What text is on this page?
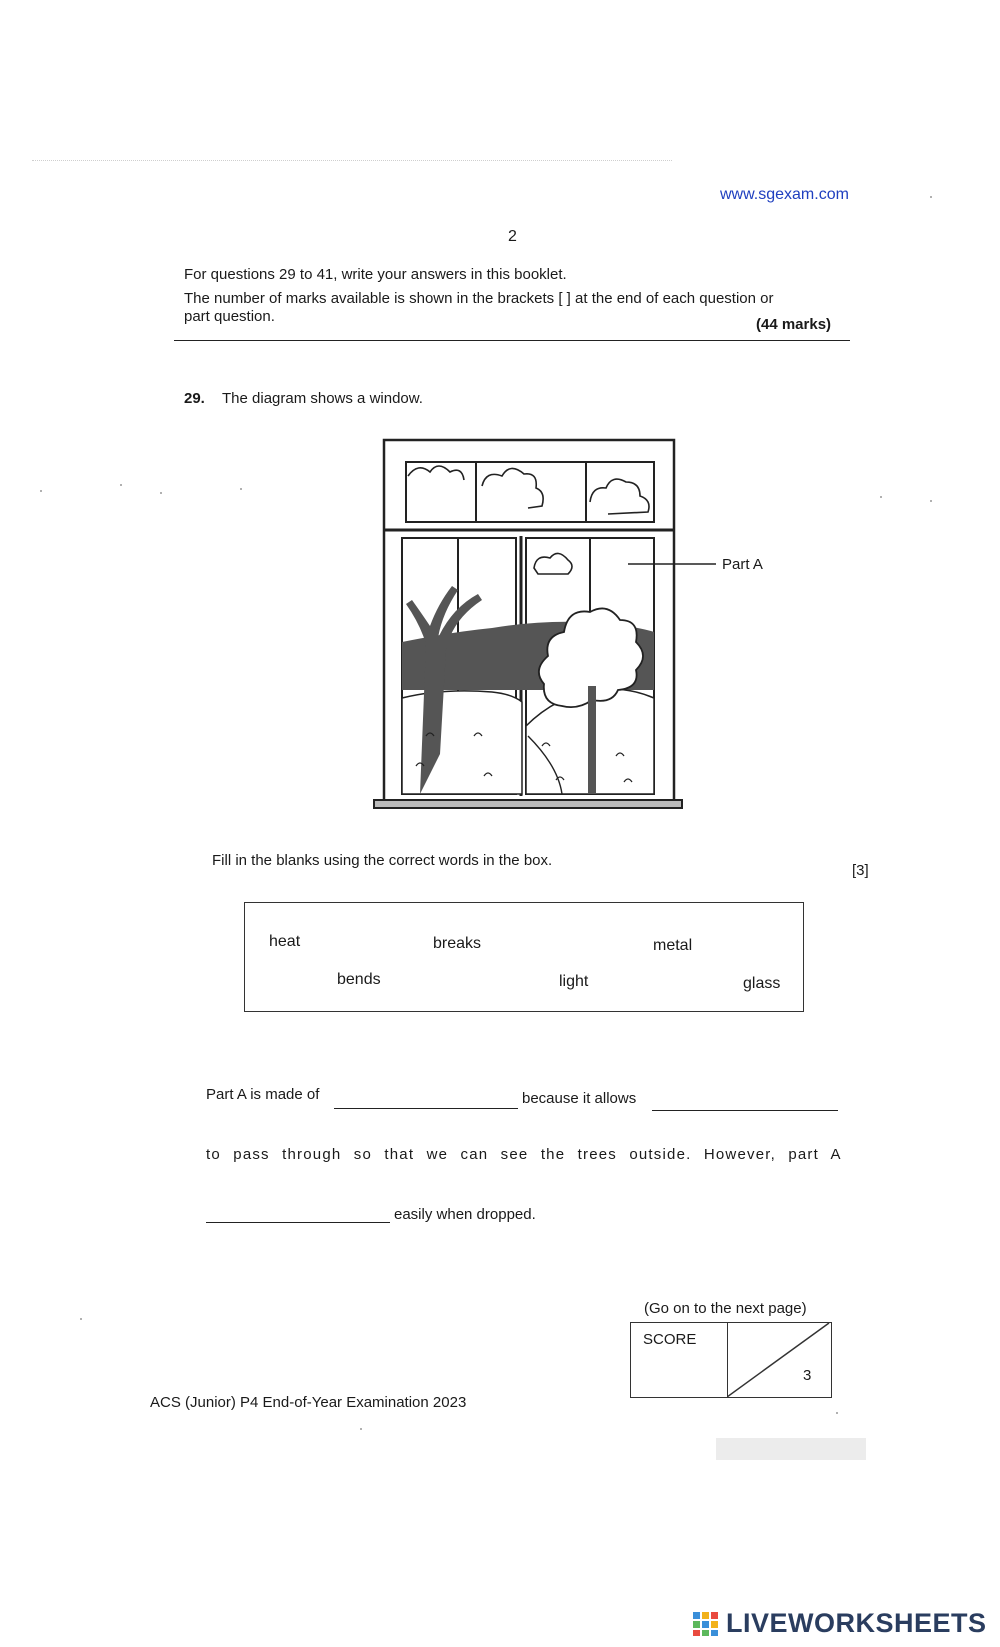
www.sgexam.com
2
For questions 29 to 41, write your answers in this booklet.
The number of marks available is shown in the brackets [ ] at the end of each question or
part question.	(44 marks)
29. The diagram shows a window.
Part A
Fill in the blanks using the correct words in the box.
[3]
heat	breaks	metal
bends	light	glass
Part A is made of	because it allows
to pass through so that we can see the trees outside. However, part A
easily when dropped.
(Go on to the next page)
SCORE
3
ACS (Junior) P4 End-of-Year Examination 2023
LIVEWORKSHEETS
